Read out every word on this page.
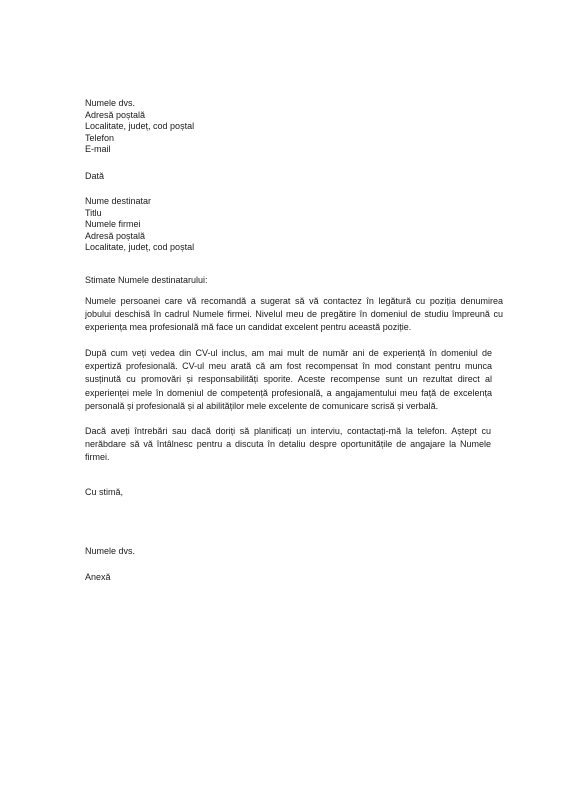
Numele dvs.
Adresă poștală
Localitate, județ, cod poștal
Telefon
E-mail
Dată
Nume destinatar
Titlu
Numele firmei
Adresă poștală
Localitate, județ, cod poștal
Stimate Numele destinatarului:
Numele persoanei care vă recomandă a sugerat să vă contactez în legătură cu poziția denumirea
jobului deschisă în cadrul Numele firmei. Nivelul meu de pregătire în domeniul de studiu împreună cu
experiența mea profesională mă face un candidat excelent pentru această poziție.
După cum veți vedea din CV-ul inclus, am mai mult de număr ani de experiență în domeniul de
expertiză profesională. CV-ul meu arată că am fost recompensat în mod constant pentru munca
susținută cu promovări și responsabilități sporite. Aceste recompense sunt un rezultat direct al
experienței mele în domeniul de competență profesională, a angajamentului meu față de excelența
personală și profesională și al abilităților mele excelente de comunicare scrisă și verbală.
Dacă aveți întrebări sau dacă doriți să planificați un interviu, contactați-mă la telefon. Aștept cu
nerăbdare să vă întâlnesc pentru a discuta în detaliu despre oportunitățile de angajare la Numele
firmei.
Cu stimă,
Numele dvs.
Anexă
